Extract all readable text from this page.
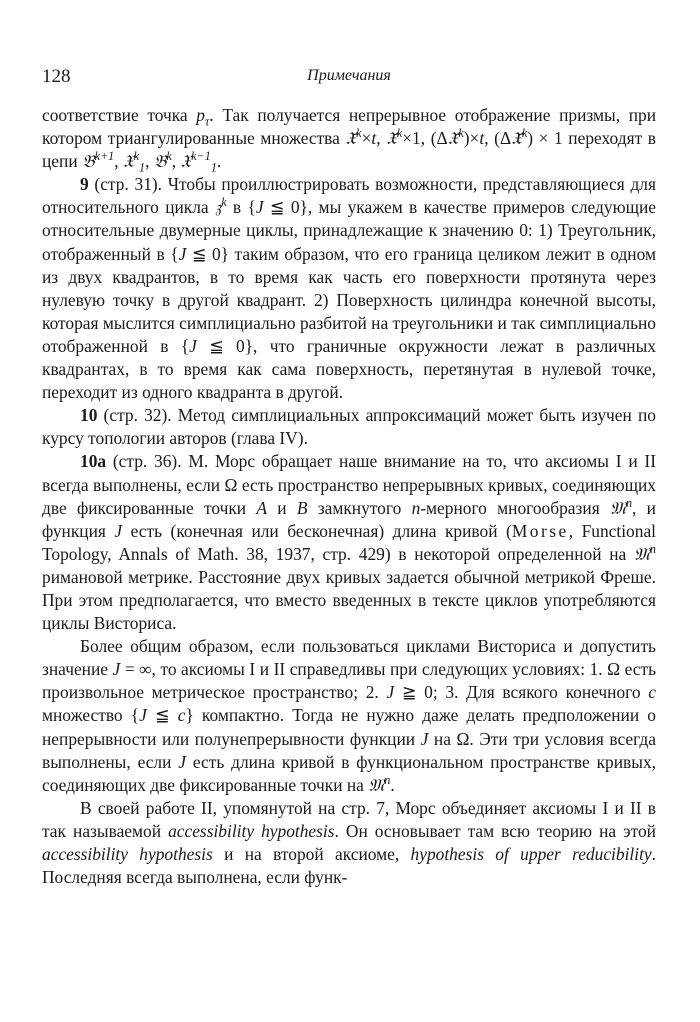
128	Примечания

соответствие точка $p_\tau$. Так получается непрерывное отображение призмы, при котором триангулированные множества 𝔛̄$^k$×t, 𝔛̄$^k$×1, (Δ𝔛̄$^k$)×t, (Δ𝔛̄$^k$) × 1 переходят в цепи 𝔅$^{k+1}$, 𝔛$^k_1$, 𝔅$^k$, 𝔛$^{k-1}_1$.

9 (стр. 31). Чтобы проиллюстрировать возможности, представляющиеся для относительного цикла 𝔷$^k$ в {J ≦ 0}, мы укажем в качестве примеров следующие относительные двумерные циклы, принадлежащие к значению 0: 1) Треугольник, отображенный в {J ≦ 0} таким образом, что его граница целиком лежит в одном из двух квадрантов, в то время как часть его поверхности протянута через нулевую точку в другой квадрант. 2) Поверхность цилиндра конечной высоты, которая мыслится симплициально разбитой на треугольники и так симплициально отображенной в {J ≦ 0}, что граничные окружности лежат в различных квадрантах, в то время как сама поверхность, перетянутая в нулевой точке, переходит из одного квадранта в другой.

10 (стр. 32). Метод симплициальных аппроксимаций может быть изучен по курсу топологии авторов (глава IV).

10а (стр. 36). М. Морс обращает наше внимание на то, что аксиомы I и II всегда выполнены, если Ω есть пространство непрерывных кривых, соединяющих две фиксированные точки A и B замкнутого n-мерного многообразия 𝔐$^n$, и функция J есть (конечная или бесконечная) длина кривой (Morse, Functional Topology, Annals of Math. 38, 1937, стр. 429) в некоторой определенной на 𝔐$^n$ римановой метрике. Расстояние двух кривых задается обычной метрикой Фреше. При этом предполагается, что вместо введенных в тексте циклов употребляются циклы Висториса.

Более общим образом, если пользоваться циклами Висториса и допустить значение J = ∞, то аксиомы I и II справедливы при следующих условиях: 1. Ω есть произвольное метрическое пространство; 2. J ≧ 0; 3. Для всякого конечного c множество {J ≦ c} компактно. Тогда не нужно даже делать предположении о непрерывности или полунепрерывности функции J на Ω. Эти три условия всегда выполнены, если J есть длина кривой в функциональном пространстве кривых, соединяющих две фиксированные точки на 𝔐$^n$.

В своей работе II, упомянутой на стр. 7, Морс объединяет аксиомы I и II в так называемой accessibility hypothesis. Он основывает там всю теорию на этой accessibility hypothesis и на второй аксиоме, hypothesis of upper reducibility. Последняя всегда выполнена, если функ-
